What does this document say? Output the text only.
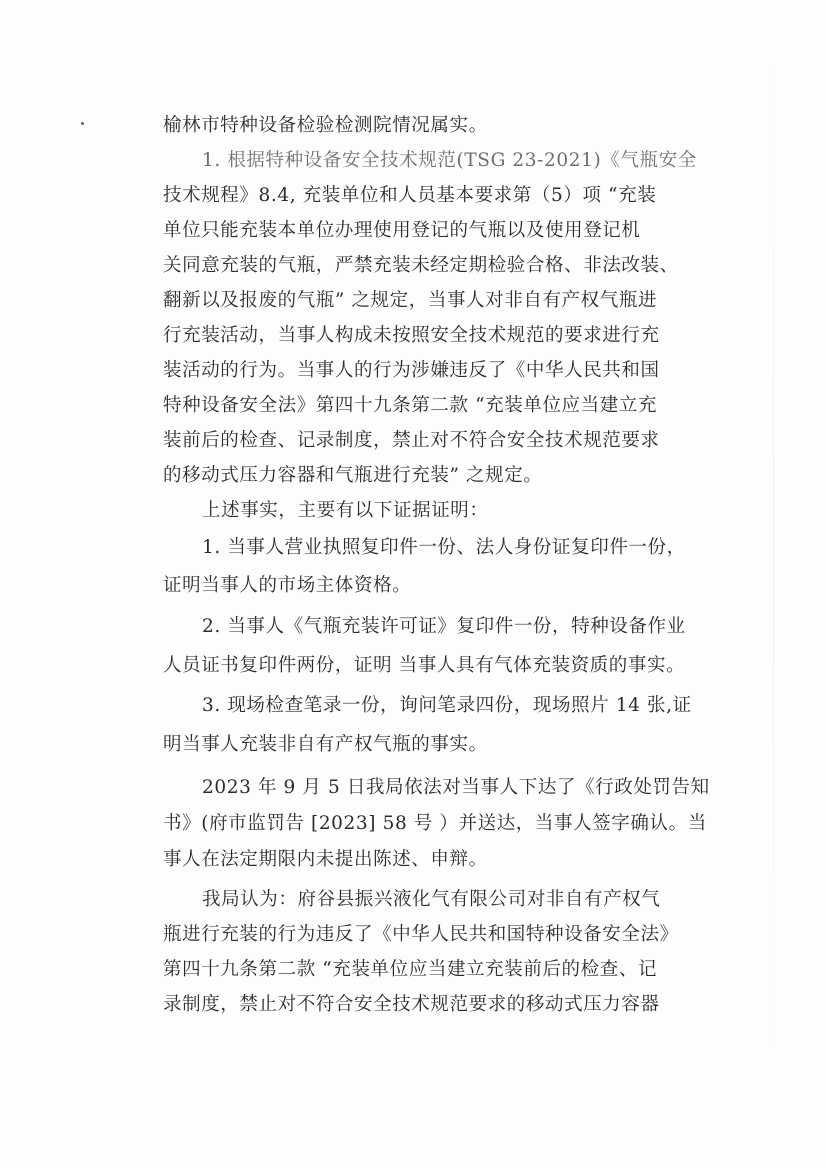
榆林市特种设备检验检测院情况属实。
1. 根据特种设备安全技术规范(TSG 23-2021)《气瓶安全
技术规程》8.4, 充装单位和人员基本要求第（5）项 “充装
单位只能充装本单位办理使用登记的气瓶以及使用登记机
关同意充装的气瓶，严禁充装未经定期检验合格、非法改装、
翻新以及报废的气瓶” 之规定，当事人对非自有产权气瓶进
行充装活动，当事人构成未按照安全技术规范的要求进行充
装活动的行为。当事人的行为涉嫌违反了《中华人民共和国
特种设备安全法》第四十九条第二款 “充装单位应当建立充
装前后的检查、记录制度，禁止对不符合安全技术规范要求
的移动式压力容器和气瓶进行充装” 之规定。
上述事实，主要有以下证据证明：
1. 当事人营业执照复印件一份、法人身份证复印件一份，
证明当事人的市场主体资格。
2. 当事人《气瓶充装许可证》复印件一份，特种设备作业
人员证书复印件两份，证明 当事人具有气体充装资质的事实。
3. 现场检查笔录一份，询问笔录四份，现场照片 14 张,证
明当事人充装非自有产权气瓶的事实。
2023 年 9 月 5 日我局依法对当事人下达了《行政处罚告知
书》(府市监罚告 [2023] 58 号 ）并送达，当事人签字确认。当
事人在法定期限内未提出陈述、申辩。
我局认为：府谷县振兴液化气有限公司对非自有产权气
瓶进行充装的行为违反了《中华人民共和国特种设备安全法》
第四十九条第二款 “充装单位应当建立充装前后的检查、记
录制度，禁止对不符合安全技术规范要求的移动式压力容器
